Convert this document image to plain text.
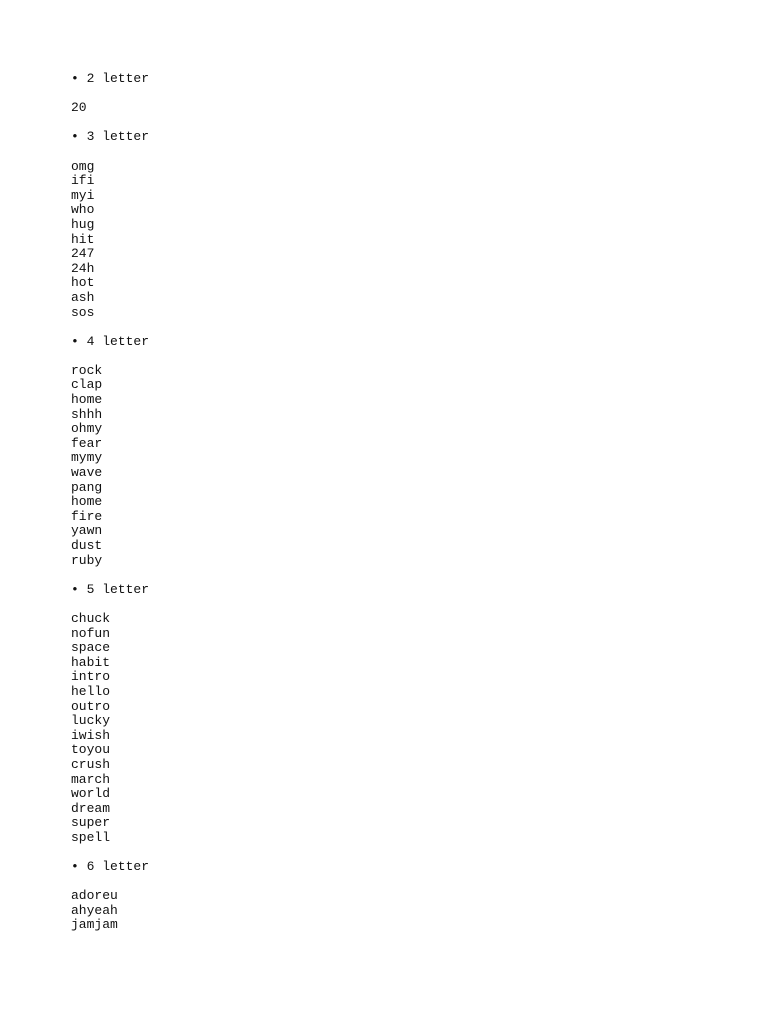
• 2 letter
20
• 3 letter
omg
ifi
myi
who
hug
hit
247
24h
hot
ash
sos
• 4 letter
rock
clap
home
shhh
ohmy
fear
mymy
wave
pang
home
fire
yawn
dust
ruby
• 5 letter
chuck
nofun
space
habit
intro
hello
outro
lucky
iwish
toyou
crush
march
world
dream
super
spell
• 6 letter
adoreu
ahyeah
jamjam
